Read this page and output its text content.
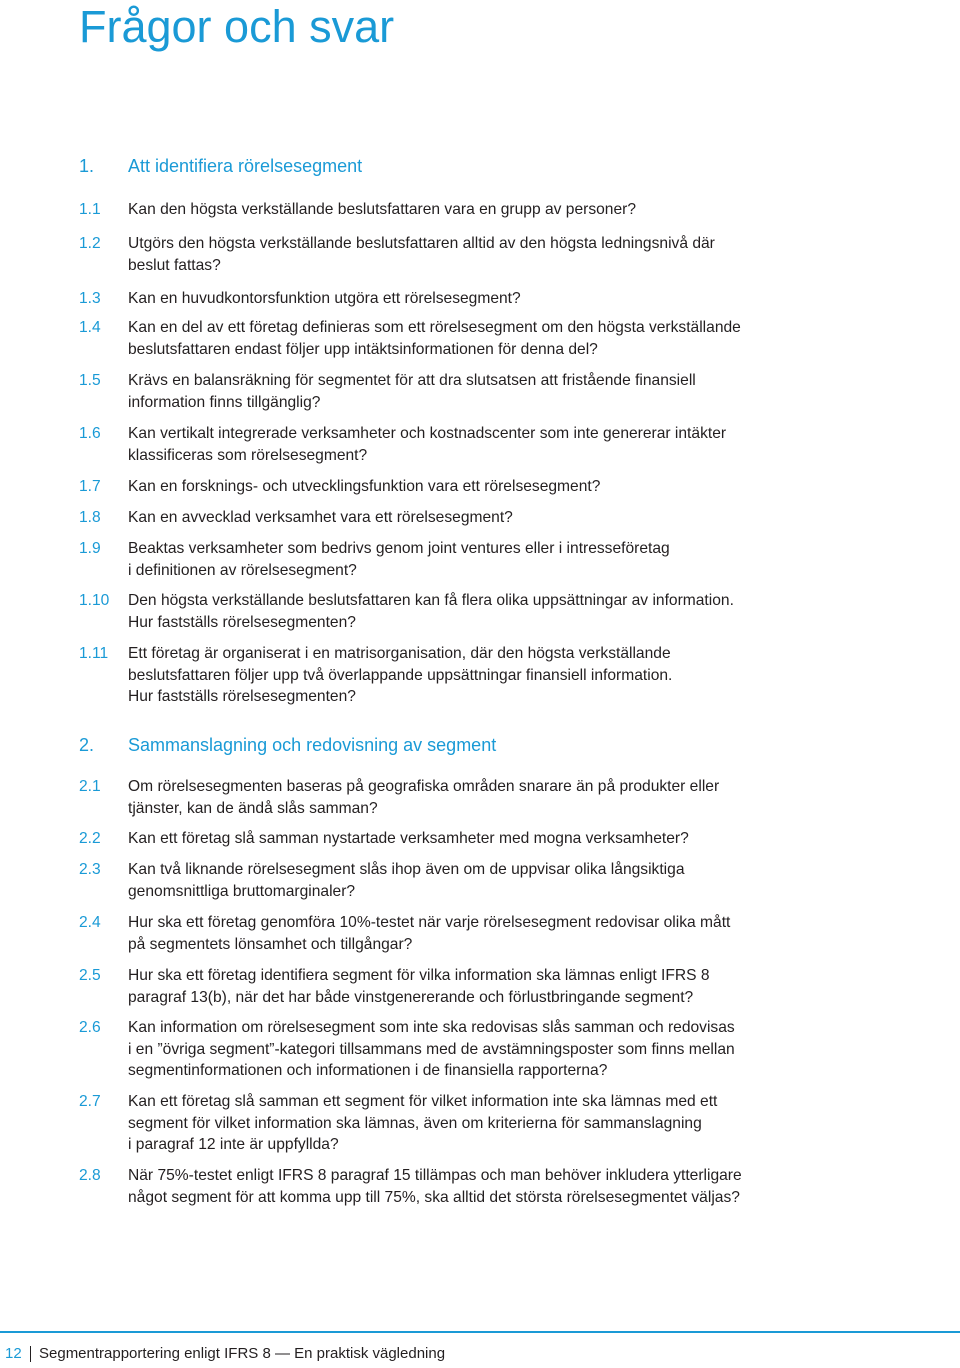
Frågor och svar
1. Att identifiera rörelsesegment
1.1 Kan den högsta verkställande beslutsfattaren vara en grupp av personer?
1.2 Utgörs den högsta verkställande beslutsfattaren alltid av den högsta ledningsnivå där
beslut fattas?
1.3 Kan en huvudkontorsfunktion utgöra ett rörelsesegment?
1.4 Kan en del av ett företag definieras som ett rörelsesegment om den högsta verkställande
beslutsfattaren endast följer upp intäktsinformationen för denna del?
1.5 Krävs en balansräkning för segmentet för att dra slutsatsen att fristående finansiell
information finns tillgänglig?
1.6 Kan vertikalt integrerade verksamheter och kostnadscenter som inte genererar intäkter
klassificeras som rörelsesegment?
1.7 Kan en forsknings- och utvecklingsfunktion vara ett rörelsesegment?
1.8 Kan en avvecklad verksamhet vara ett rörelsesegment?
1.9 Beaktas verksamheter som bedrivs genom joint ventures eller i intresseföretag
i definitionen av rörelsesegment?
1.10 Den högsta verkställande beslutsfattaren kan få flera olika uppsättningar av information.
Hur fastställs rörelsesegmenten?
1.11 Ett företag är organiserat i en matrisorganisation, där den högsta verkställande
beslutsfattaren följer upp två överlappande uppsättningar finansiell information.
Hur fastställs rörelsesegmenten?
2. Sammanslagning och redovisning av segment
2.1 Om rörelsesegmenten baseras på geografiska områden snarare än på produkter eller
tjänster, kan de ändå slås samman?
2.2 Kan ett företag slå samman nystartade verksamheter med mogna verksamheter?
2.3 Kan två liknande rörelsesegment slås ihop även om de uppvisar olika långsiktiga
genomsnittliga bruttomarginaler?
2.4 Hur ska ett företag genomföra 10%-testet när varje rörelsesegment redovisar olika mått
på segmentets lönsamhet och tillgångar?
2.5 Hur ska ett företag identifiera segment för vilka information ska lämnas enligt IFRS 8
paragraf 13(b), när det har både vinstgenererande och förlustbringande segment?
2.6 Kan information om rörelsesegment som inte ska redovisas slås samman och redovisas
i en ”övriga segment”-kategori tillsammans med de avstämningsposter som finns mellan
segmentinformationen och informationen i de finansiella rapporterna?
2.7 Kan ett företag slå samman ett segment för vilket information inte ska lämnas med ett
segment för vilket information ska lämnas, även om kriterierna för sammanslagning
i paragraf 12 inte är uppfyllda?
2.8 När 75%-testet enligt IFRS 8 paragraf 15 tillämpas och man behöver inkludera ytterligare
något segment för att komma upp till 75%, ska alltid det största rörelsesegmentet väljas?
12 Segmentrapportering enligt IFRS 8 — En praktisk vägledning
